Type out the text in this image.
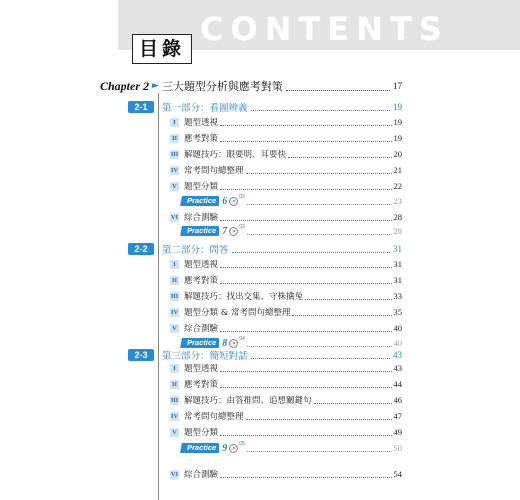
CONTENTS
目錄
Chapter 2 ► 三大題型分析與應考對策	17
2-1	第一部分：看圖辨義	19
I 題型透視	19
II 應考對策	19
III 解題技巧：眼要明、耳要快	20
IV 常考問句總整理	21
V 題型分類	22
Practice 6 03	23
VI 綜合測驗	28
Practice 7 03	28
2-2	第二部分：問答	31
I 題型透視	31
II 應考對策	31
III 解題技巧：找出交集、守株擒兔	33
IV 題型分類 & 常考問句總整理	35
V 綜合測驗	40
Practice 8 04	40
2-3	第三部分：簡短對話	43
I 題型透視	43
II 應考對策	44
III 解題技巧：由答推問、追想關鍵句	46
IV 常考問句總整理	47
V 題型分類	49
Practice 9 05	50
VI 綜合測驗	54
